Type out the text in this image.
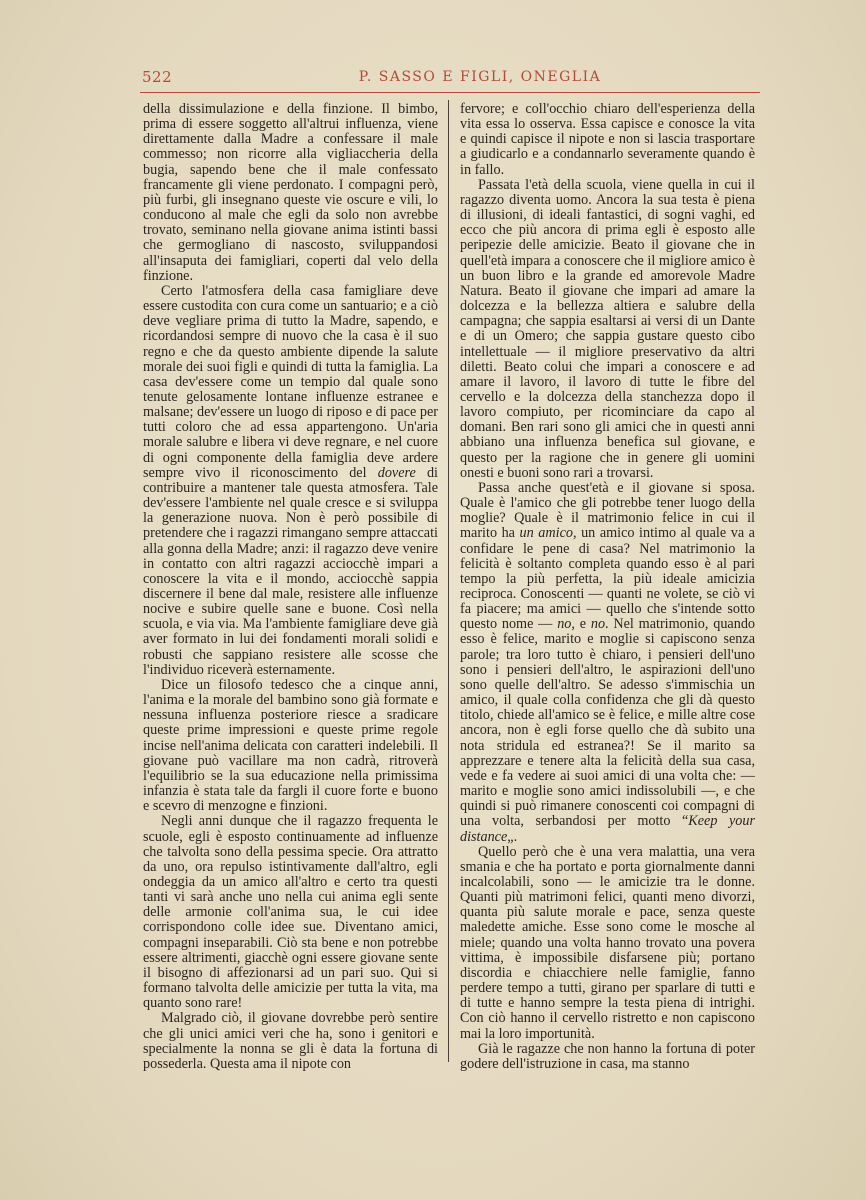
522	P. SASSO E FIGLI, ONEGLIA

della dissimulazione e della finzione. Il bimbo, prima di essere soggetto all'altrui influenza, viene direttamente dalla Madre a confessare il male commesso; non ricorre alla vigliaccheria della bugia, sapendo bene che il male confessato francamente gli viene perdonato. I compagni però, più furbi, gli insegnano queste vie oscure e vili, lo conducono al male che egli da solo non avrebbe trovato, seminano nella giovane anima istinti bassi che germogliano di nascosto, sviluppandosi all'insaputa dei famigliari, coperti dal velo della finzione.

Certo l'atmosfera della casa famigliare deve essere custodita con cura come un santuario; e a ciò deve vegliare prima di tutto la Madre, sapendo, e ricordandosi sempre di nuovo che la casa è il suo regno e che da questo ambiente dipende la salute morale dei suoi figli e quindi di tutta la famiglia. La casa dev'essere come un tempio dal quale sono tenute gelosamente lontane influenze estranee e malsane; dev'essere un luogo di riposo e di pace per tutti coloro che ad essa appartengono. Un'aria morale salubre e libera vi deve regnare, e nel cuore di ogni componente della famiglia deve ardere sempre vivo il riconoscimento del dovere di contribuire a mantener tale questa atmosfera. Tale dev'essere l'ambiente nel quale cresce e si sviluppa la generazione nuova. Non è però possibile di pretendere che i ragazzi rimangano sempre attaccati alla gonna della Madre; anzi: il ragazzo deve venire in contatto con altri ragazzi acciocchè impari a conoscere la vita e il mondo, acciocchè sappia discernere il bene dal male, resistere alle influenze nocive e subire quelle sane e buone. Così nella scuola, e via via. Ma l'ambiente famigliare deve già aver formato in lui dei fondamenti morali solidi e robusti che sappiano resistere alle scosse che l'individuo riceverà esternamente.

Dice un filosofo tedesco che a cinque anni, l'anima e la morale del bambino sono già formate e nessuna influenza posteriore riesce a sradicare queste prime impressioni e queste prime regole incise nell'anima delicata con caratteri indelebili. Il giovane può vacillare ma non cadrà, ritroverà l'equilibrio se la sua educazione nella primissima infanzia è stata tale da fargli il cuore forte e buono e scevro di menzogne e finzioni.

Negli anni dunque che il ragazzo frequenta le scuole, egli è esposto continuamente ad influenze che talvolta sono della pessima specie. Ora attratto da uno, ora repulso istintivamente dall'altro, egli ondeggia da un amico all'altro e certo tra questi tanti vi sarà anche uno nella cui anima egli sente delle armonie coll'anima sua, le cui idee corrispondono colle idee sue. Diventano amici, compagni inseparabili. Ciò sta bene e non potrebbe essere altrimenti, giacchè ogni essere giovane sente il bisogno di affezionarsi ad un pari suo. Qui si formano talvolta delle amicizie per tutta la vita, ma quanto sono rare!

Malgrado ciò, il giovane dovrebbe però sentire che gli unici amici veri che ha, sono i genitori e specialmente la nonna se gli è data la fortuna di possederla. Questa ama il nipote con

fervore; e coll'occhio chiaro dell'esperienza della vita essa lo osserva. Essa capisce e conosce la vita e quindi capisce il nipote e non si lascia trasportare a giudicarlo e a condannarlo severamente quando è in fallo.

Passata l'età della scuola, viene quella in cui il ragazzo diventa uomo. Ancora la sua testa è piena di illusioni, di ideali fantastici, di sogni vaghi, ed ecco che più ancora di prima egli è esposto alle peripezie delle amicizie. Beato il giovane che in quell'età impara a conoscere che il migliore amico è un buon libro e la grande ed amorevole Madre Natura. Beato il giovane che impari ad amare la dolcezza e la bellezza altiera e salubre della campagna; che sappia esaltarsi ai versi di un Dante e di un Omero; che sappia gustare questo cibo intellettuale — il migliore preservativo da altri diletti. Beato colui che impari a conoscere e ad amare il lavoro, il lavoro di tutte le fibre del cervello e la dolcezza della stanchezza dopo il lavoro compiuto, per ricominciare da capo al domani. Ben rari sono gli amici che in questi anni abbiano una influenza benefica sul giovane, e questo per la ragione che in genere gli uomini onesti e buoni sono rari a trovarsi.

Passa anche quest'età e il giovane si sposa. Quale è l'amico che gli potrebbe tener luogo della moglie? Quale è il matrimonio felice in cui il marito ha un amico, un amico intimo al quale va a confidare le pene di casa? Nel matrimonio la felicità è soltanto completa quando esso è al pari tempo la più perfetta, la più ideale amicizia reciproca. Conoscenti — quanti ne volete, se ciò vi fa piacere; ma amici — quello che s'intende sotto questo nome — no, e no. Nel matrimonio, quando esso è felice, marito e moglie si capiscono senza parole; tra loro tutto è chiaro, i pensieri dell'uno sono i pensieri dell'altro, le aspirazioni dell'uno sono quelle dell'altro. Se adesso s'immischia un amico, il quale colla confidenza che gli dà questo titolo, chiede all'amico se è felice, e mille altre cose ancora, non è egli forse quello che dà subito una nota stridula ed estranea?! Se il marito sa apprezzare e tenere alta la felicità della sua casa, vede e fa vedere ai suoi amici di una volta che: — marito e moglie sono amici indissolubili —, e che quindi si può rimanere conoscenti coi compagni di una volta, serbandosi per motto “Keep your distance„.

Quello però che è una vera malattia, una vera smania e che ha portato e porta giornalmente danni incalcolabili, sono — le amicizie tra le donne. Quanti più matrimoni felici, quanti meno divorzi, quanta più salute morale e pace, senza queste maledette amiche. Esse sono come le mosche al miele; quando una volta hanno trovato una povera vittima, è impossibile disfarsene più; portano discordia e chiacchiere nelle famiglie, fanno perdere tempo a tutti, girano per sparlare di tutti e di tutte e hanno sempre la testa piena di intrighi. Con ciò hanno il cervello ristretto e non capiscono mai la loro importunità.

Già le ragazze che non hanno la fortuna di poter godere dell'istruzione in casa, ma stanno
